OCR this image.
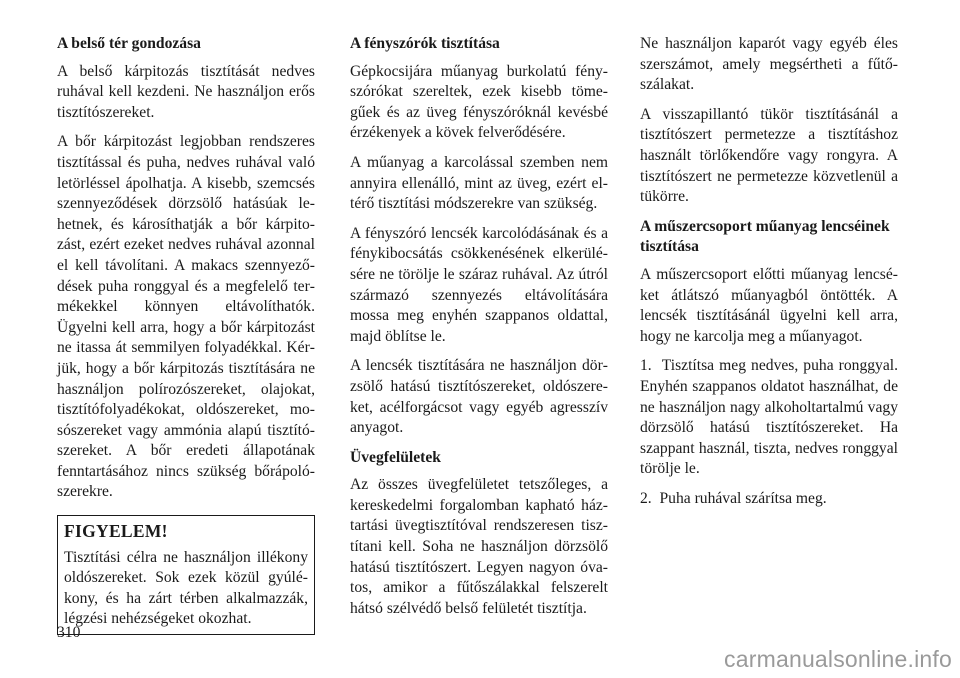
A belső tér gondozása

A belső kárpitozás tisztítását nedves ruhával kell kezdeni. Ne használjon erős tisztítószereket.

A bőr kárpitozást legjobban rendszeres tisztítással és puha, nedves ruhával való letörléssel ápolhatja. A kisebb, szemcsés szennyeződések dörzsölő hatásúak lehetnek, és károsíthatják a bőr kárpitozást, ezért ezeket nedves ruhával azonnal el kell távolítani. A makacs szennyeződések puha ronggyal és a megfelelő termékekkel könnyen eltávolíthatók. Ügyelni kell arra, hogy a bőr kárpitozást ne itassa át semmilyen folyadékkal. Kérjük, hogy a bőr kárpitozás tisztítására ne használjon polírozószereket, olajokat, tisztítófolyadékokat, oldószereket, mosószereket vagy ammónia alapú tisztítószereket. A bőr eredeti állapotának fenntartásához nincs szükség bőrápolószerekre.

FIGYELEM!

Tisztítási célra ne használjon illékony oldószereket. Sok ezek közül gyúlékony, és ha zárt térben alkalmazzák, légzési nehézségeket okozhat.

A fényszórók tisztítása

Gépkocsijára műanyag burkolatú fényszórókat szereltek, ezek kisebb tömegűek és az üveg fényszóróknál kevésbé érzékenyek a kövek felverődésére.

A műanyag a karcolással szemben nem annyira ellenálló, mint az üveg, ezért eltérő tisztítási módszerekre van szükség.

A fényszóró lencsék karcolódásának és a fénykibocsátás csökkenésének elkerülésére ne törölje le száraz ruhával. Az útról származó szennyezés eltávolítására mossa meg enyhén szappanos oldattal, majd öblítse le.

A lencsék tisztítására ne használjon dörzsölő hatású tisztítószereket, oldószereket, acélforgácsot vagy egyéb agresszív anyagot.

Üvegfelületek

Az összes üvegfelületet tetszőleges, a kereskedelmi forgalomban kapható háztartási üvegtisztítóval rendszeresen tisztítani kell. Soha ne használjon dörzsölő hatású tisztítószert. Legyen nagyon óvatos, amikor a fűtőszálakkal felszerelt hátsó szélvédő belső felületét tisztítja.

Ne használjon kaparót vagy egyéb éles szerszámot, amely megsértheti a fűtőszálakat.

A visszapillantó tükör tisztításánál a tisztítószert permetezze a tisztításhoz használt törlőkendőre vagy rongyra. A tisztítószert ne permetezze közvetlenül a tükörre.

A műszercsoport műanyag lencséinek tisztítása

A műszercsoport előtti műanyag lencséket átlátszó műanyagból öntötték. A lencsék tisztításánál ügyelni kell arra, hogy ne karcolja meg a műanyagot.

1.  Tisztítsa meg nedves, puha ronggyal. Enyhén szappanos oldatot használhat, de ne használjon nagy alkoholtartalmú vagy dörzsölő hatású tisztítószereket. Ha szappant használ, tiszta, nedves ronggyal törölje le.

2.  Puha ruhával szárítsa meg.

310
carmanualsonline.info
